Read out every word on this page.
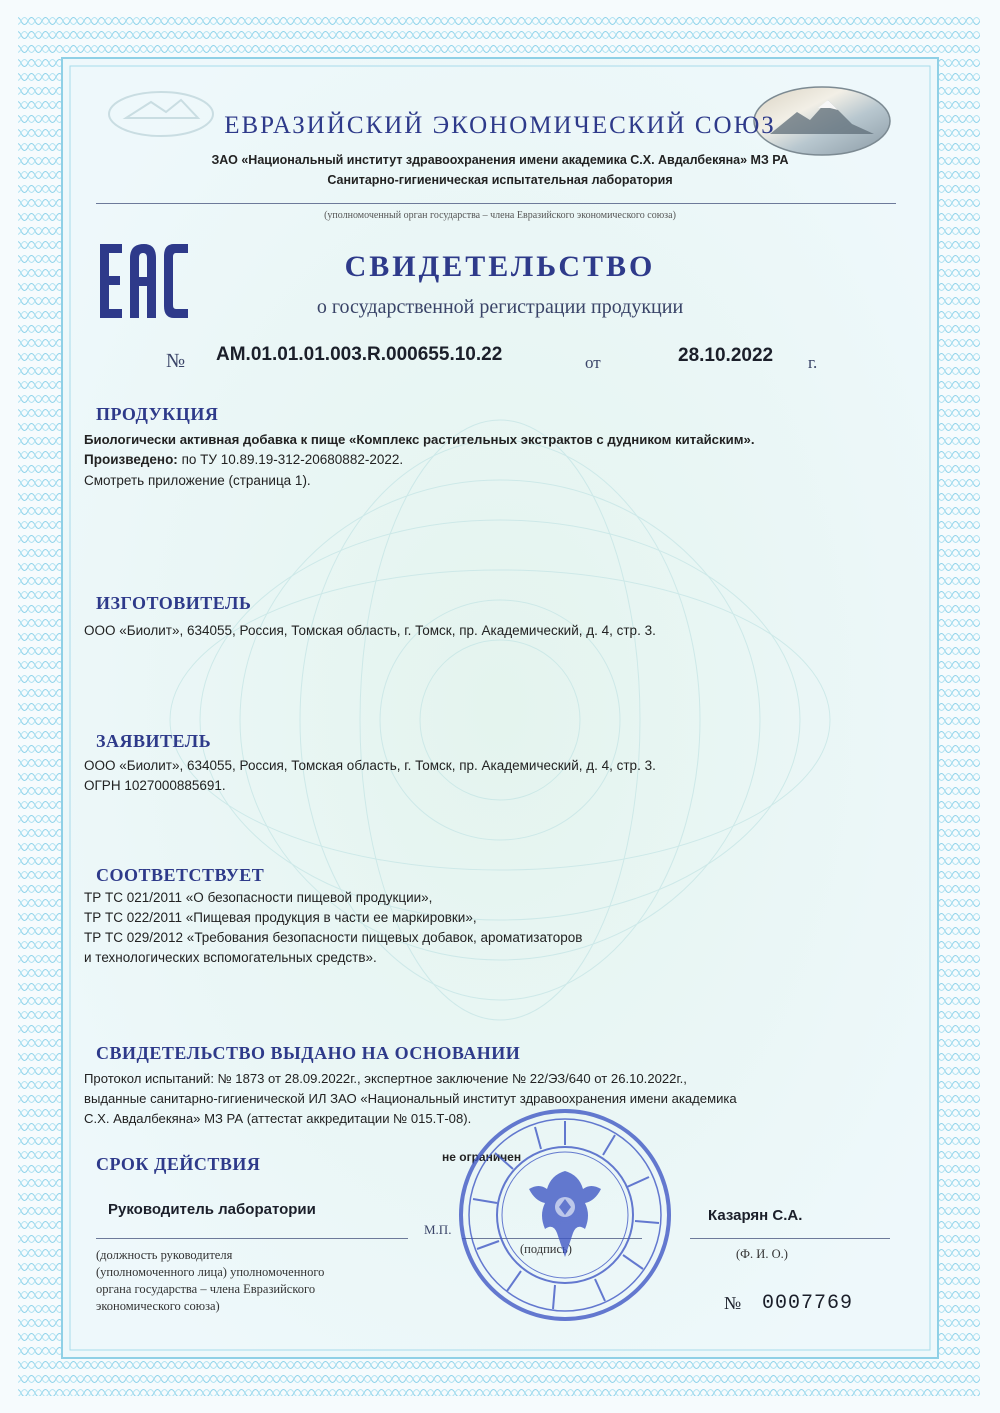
ЕВРАЗИЙСКИЙ ЭКОНОМИЧЕСКИЙ СОЮЗ
ЗАО «Национальный институт здравоохранения имени академика С.Х. Авдалбекяна» МЗ РА
Санитарно-гигиеническая испытательная лаборатория
(уполномоченный орган государства – члена Евразийского экономического союза)
СВИДЕТЕЛЬСТВО
о государственной регистрации продукции
№ AM.01.01.01.003.R.000655.10.22	от	28.10.2022 г.
ПРОДУКЦИЯ
Биологически активная добавка к пище «Комплекс растительных экстрактов с дудником китайским».
Произведено: по ТУ 10.89.19-312-20680882-2022.
Смотреть приложение (страница 1).
ИЗГОТОВИТЕЛЬ
ООО «Биолит», 634055, Россия, Томская область, г. Томск, пр. Академический, д. 4, стр. 3.
ЗАЯВИТЕЛЬ
ООО «Биолит», 634055, Россия, Томская область, г. Томск, пр. Академический, д. 4, стр. 3.
ОГРН 1027000885691.
СООТВЕТСТВУЕТ
ТР ТС 021/2011 «О безопасности пищевой продукции»,
ТР ТС 022/2011 «Пищевая продукция в части ее маркировки»,
ТР ТС 029/2012 «Требования безопасности пищевых добавок, ароматизаторов
и технологических вспомогательных средств».
СВИДЕТЕЛЬСТВО ВЫДАНО НА ОСНОВАНИИ
Протокол испытаний: № 1873 от 28.09.2022г., экспертное заключение № 22/ЭЗ/640 от 26.10.2022г.,
выданные санитарно-гигиенической ИЛ ЗАО «Национальный институт здравоохранения имени академика
С.Х. Авдалбекяна» МЗ РА (аттестат аккредитации № 015.Т-08).
СРОК ДЕЙСТВИЯ	не ограничен
Руководитель лаборатории
М.П.
(подпись)
Казарян С.А.
(Ф. И. О.)
(должность руководителя
(уполномоченного лица) уполномоченного
органа государства – члена Евразийского
экономического союза)	№ 0007769
